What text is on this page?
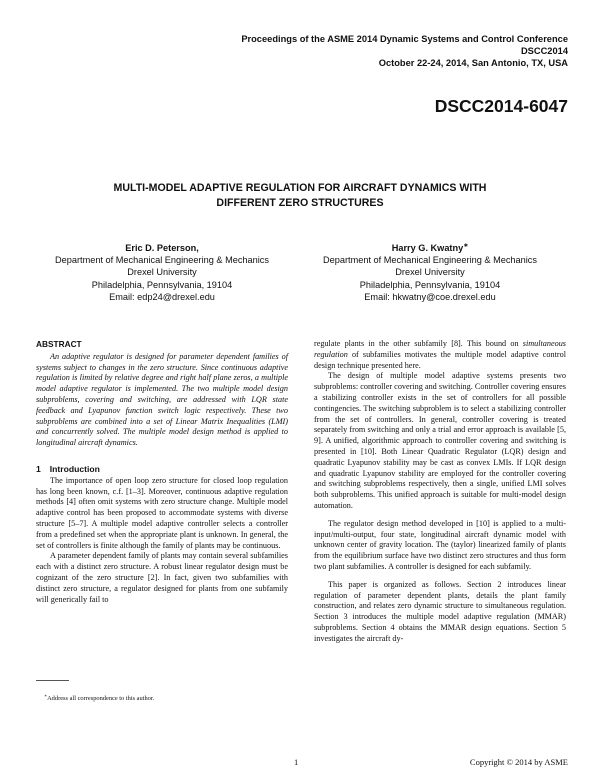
Proceedings of the ASME 2014 Dynamic Systems and Control Conference
DSCC2014
October 22-24, 2014, San Antonio, TX, USA
DSCC2014-6047
MULTI-MODEL ADAPTIVE REGULATION FOR AIRCRAFT DYNAMICS WITH
DIFFERENT ZERO STRUCTURES
Eric D. Peterson,
Department of Mechanical Engineering & Mechanics
Drexel University
Philadelphia, Pennsylvania, 19104
Email: edp24@drexel.edu
Harry G. Kwatny∗
Department of Mechanical Engineering & Mechanics
Drexel University
Philadelphia, Pennsylvania, 19104
Email: hkwatny@coe.drexel.edu
ABSTRACT

An adaptive regulator is designed for parameter dependent families of systems subject to changes in the zero structure. Since continuous adaptive regulation is limited by relative degree and right half plane zeros, a multiple model adaptive regulator is implemented. The two multiple model design subproblems, covering and switching, are addressed with LQR state feedback and Lyapunov function switch logic respectively. These two subproblems are combined into a set of Linear Matrix Inequalities (LMI) and concurrently solved. The multiple model design method is applied to longitudinal aircraft dynamics.

1 Introduction

The importance of open loop zero structure for closed loop regulation has long been known, c.f. [1–3]. Moreover, continuous adaptive regulation methods [4] often omit systems with zero structure change. Multiple model adaptive control has been proposed to accommodate systems with diverse structure [5–7]. A multiple model adaptive controller selects a controller from a predefined set when the appropriate plant is unknown. In general, the set of controllers is finite although the family of plants may be continuous.

A parameter dependent family of plants may contain several subfamilies each with a distinct zero structure. A robust linear regulator design must be cognizant of the zero structure [2]. In fact, given two subfamilies with distinct zero structure, a regulator designed for plants from one subfamily will generically fail to

regulate plants in the other subfamily [8]. This bound on simultaneous regulation of subfamilies motivates the multiple model adaptive control design technique presented here.

The design of multiple model adaptive systems presents two subproblems: controller covering and switching. Controller covering ensures a stabilizing controller exists in the set of controllers for all possible contingencies. The switching subproblem is to select a stabilizing controller from the set of controllers. In general, controller covering is treated separately from switching and only a trial and error approach is available [5, 9]. A unified, algorithmic approach to controller covering and switching is presented in [10]. Both Linear Quadratic Regulator (LQR) design and quadratic Lyapunov stability may be cast as convex LMIs. If LQR design and quadratic Lyapunov stability are employed for the controller covering and switching subproblems respectively, then a single, unified LMI solves both subproblems. This unified approach is suitable for multi-model design automation.

The regulator design method developed in [10] is applied to a multi-input/multi-output, four state, longitudinal aircraft dynamic model with unknown center of gravity location. The (taylor) linearized family of plants from the equilibrium surface have two distinct zero structures and thus form two plant subfamilies. A controller is designed for each subfamily.

This paper is organized as follows. Section 2 introduces linear regulation of parameter dependent plants, details the plant family construction, and relates zero dynamic structure to simultaneous regulation. Section 3 introduces the multiple model adaptive regulation (MMAR) subproblems. Section 4 obtains the MMAR design equations. Section 5 investigates the aircraft dy-

∗Address all correspondence to this author.
1	Copyright © 2014 by ASME
